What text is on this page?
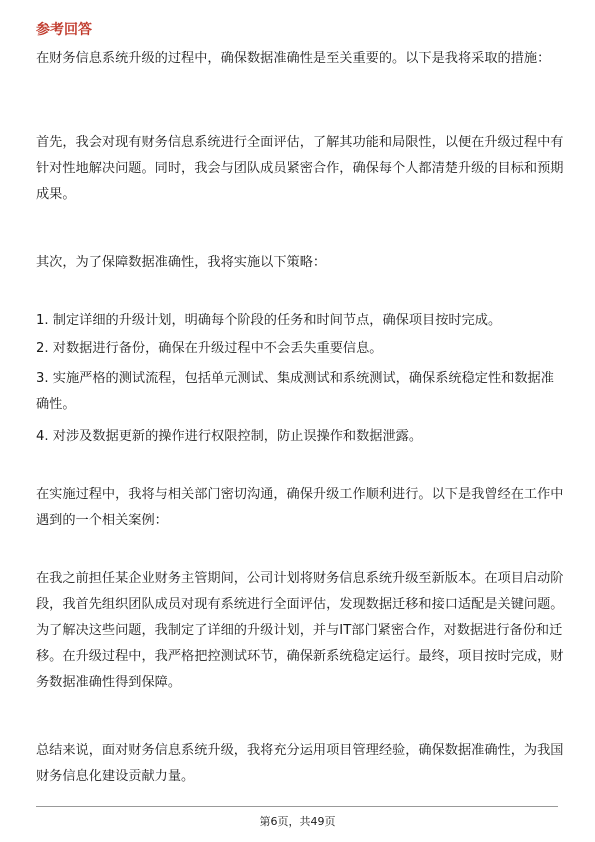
参考回答

在财务信息系统升级的过程中，确保数据准确性是至关重要的。以下是我将采取的措施：

首先，我会对现有财务信息系统进行全面评估，了解其功能和局限性，以便在升级过程中有针对性地解决问题。同时，我会与团队成员紧密合作，确保每个人都清楚升级的目标和预期成果。

其次，为了保障数据准确性，我将实施以下策略：

1. 制定详细的升级计划，明确每个阶段的任务和时间节点，确保项目按时完成。

2. 对数据进行备份，确保在升级过程中不会丢失重要信息。

3. 实施严格的测试流程，包括单元测试、集成测试和系统测试，确保系统稳定性和数据准确性。

4. 对涉及数据更新的操作进行权限控制，防止误操作和数据泄露。

在实施过程中，我将与相关部门密切沟通，确保升级工作顺利进行。以下是我曾经在工作中遇到的一个相关案例：

在我之前担任某企业财务主管期间，公司计划将财务信息系统升级至新版本。在项目启动阶段，我首先组织团队成员对现有系统进行全面评估，发现数据迁移和接口适配是关键问题。为了解决这些问题，我制定了详细的升级计划，并与IT部门紧密合作，对数据进行备份和迁移。在升级过程中，我严格把控测试环节，确保新系统稳定运行。最终，项目按时完成，财务数据准确性得到保障。

总结来说，面对财务信息系统升级，我将充分运用项目管理经验，确保数据准确性，为我国财务信息化建设贡献力量。

第6页，共49页
